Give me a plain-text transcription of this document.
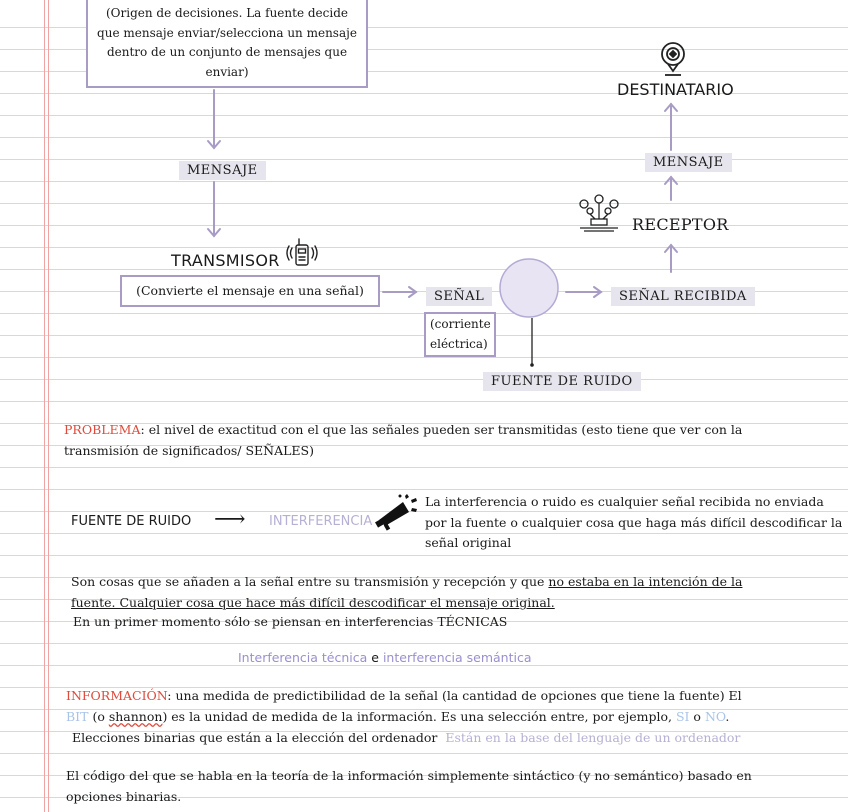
(Origen de decisiones. La fuente decide
que mensaje enviar/selecciona un mensaje
dentro de un conjunto de mensajes que
enviar)
MENSAJE
TRANSMISOR
(Convierte el mensaje en una señal)	SEÑAL
(corriente
eléctrica)
FUENTE DE RUIDO
SEÑAL RECIBIDA
RECEPTOR
MENSAJE
DESTINATARIO
PROBLEMA: el nivel de exactitud con el que las señales pueden ser transmitidas (esto tiene que ver con la
transmisión de significados/ SEÑALES)
FUENTE DE RUIDO ⟶ INTERFERENCIA
La interferencia o ruido es cualquier señal recibida no enviada
por la fuente o cualquier cosa que haga más difícil descodificar la
señal original
Son cosas que se añaden a la señal entre su transmisión y recepción y que no estaba en la intención de la
fuente. Cualquier cosa que hace más difícil descodificar el mensaje original.
En un primer momento sólo se piensan en interferencias TÉCNICAS
Interferencia técnica e interferencia semántica
INFORMACIÓN: una medida de predictibilidad de la señal (la cantidad de opciones que tiene la fuente) El
BIT (o shannon) es la unidad de medida de la información. Es una selección entre, por ejemplo, SI o NO.
Elecciones binarias que están a la elección del ordenador Están en la base del lenguaje de un ordenador
El código del que se habla en la teoría de la información simplemente sintáctico (y no semántico) basado en
opciones binarias.
